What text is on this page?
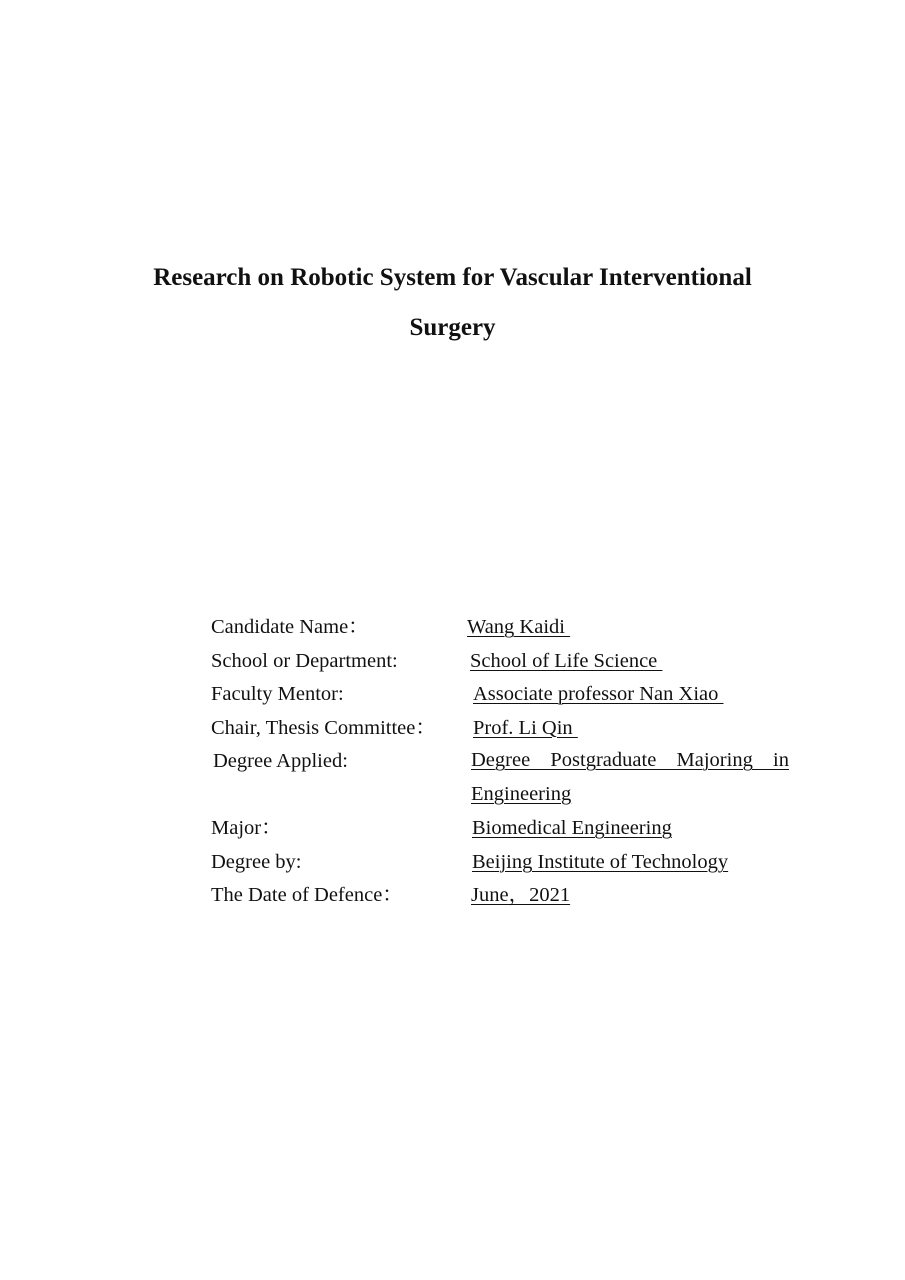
Research on Robotic System for Vascular Interventional
Surgery
Candidate Name：	Wang Kaidi
School or Department:	School of Life Science
Faculty Mentor:	Associate professor Nan Xiao
Chair, Thesis Committee： Prof. Li Qin
Degree Applied:	Degree Postgraduate Majoring in Engineering
Major：	Biomedical Engineering
Degree by:	Beijing Institute of Technology
The Date of Defence：	June，2021
